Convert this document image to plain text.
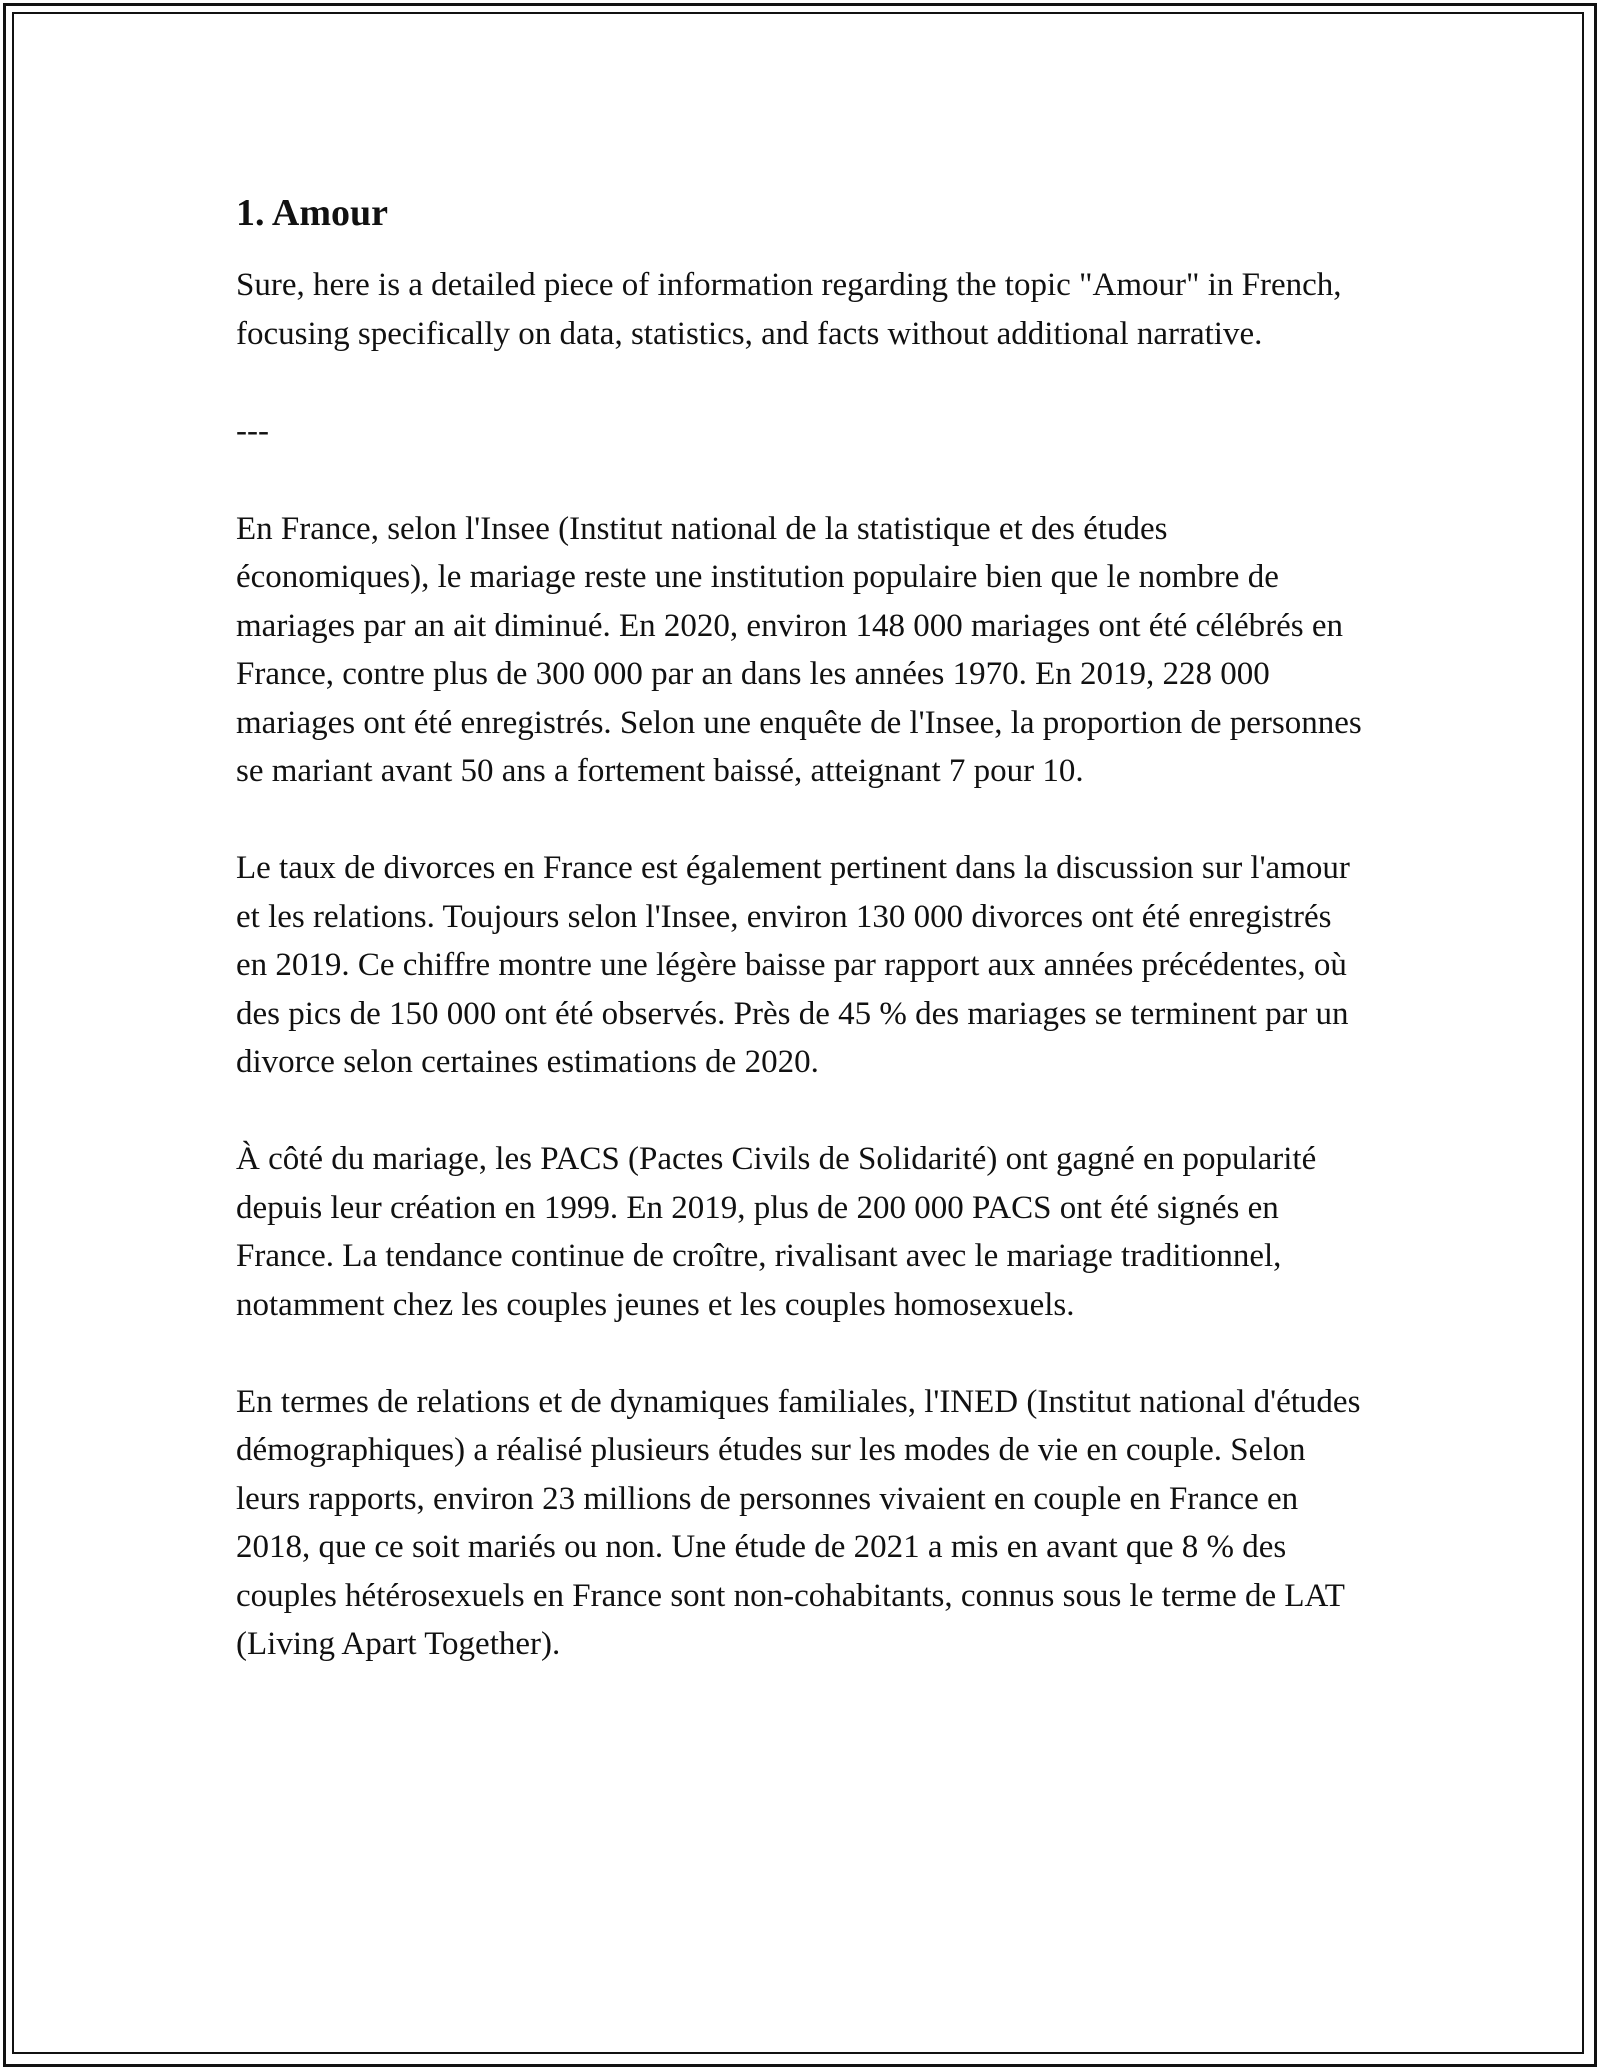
1. Amour

Sure, here is a detailed piece of information regarding the topic "Amour" in French, focusing specifically on data, statistics, and facts without additional narrative.

---

En France, selon l'Insee (Institut national de la statistique et des études économiques), le mariage reste une institution populaire bien que le nombre de mariages par an ait diminué. En 2020, environ 148 000 mariages ont été célébrés en France, contre plus de 300 000 par an dans les années 1970. En 2019, 228 000 mariages ont été enregistrés. Selon une enquête de l'Insee, la proportion de personnes se mariant avant 50 ans a fortement baissé, atteignant 7 pour 10.

Le taux de divorces en France est également pertinent dans la discussion sur l'amour et les relations. Toujours selon l'Insee, environ 130 000 divorces ont été enregistrés en 2019. Ce chiffre montre une légère baisse par rapport aux années précédentes, où des pics de 150 000 ont été observés. Près de 45 % des mariages se terminent par un divorce selon certaines estimations de 2020.

À côté du mariage, les PACS (Pactes Civils de Solidarité) ont gagné en popularité depuis leur création en 1999. En 2019, plus de 200 000 PACS ont été signés en France. La tendance continue de croître, rivalisant avec le mariage traditionnel, notamment chez les couples jeunes et les couples homosexuels.

En termes de relations et de dynamiques familiales, l'INED (Institut national d'études démographiques) a réalisé plusieurs études sur les modes de vie en couple. Selon leurs rapports, environ 23 millions de personnes vivaient en couple en France en 2018, que ce soit mariés ou non. Une étude de 2021 a mis en avant que 8 % des couples hétérosexuels en France sont non-cohabitants, connus sous le terme de LAT (Living Apart Together).
